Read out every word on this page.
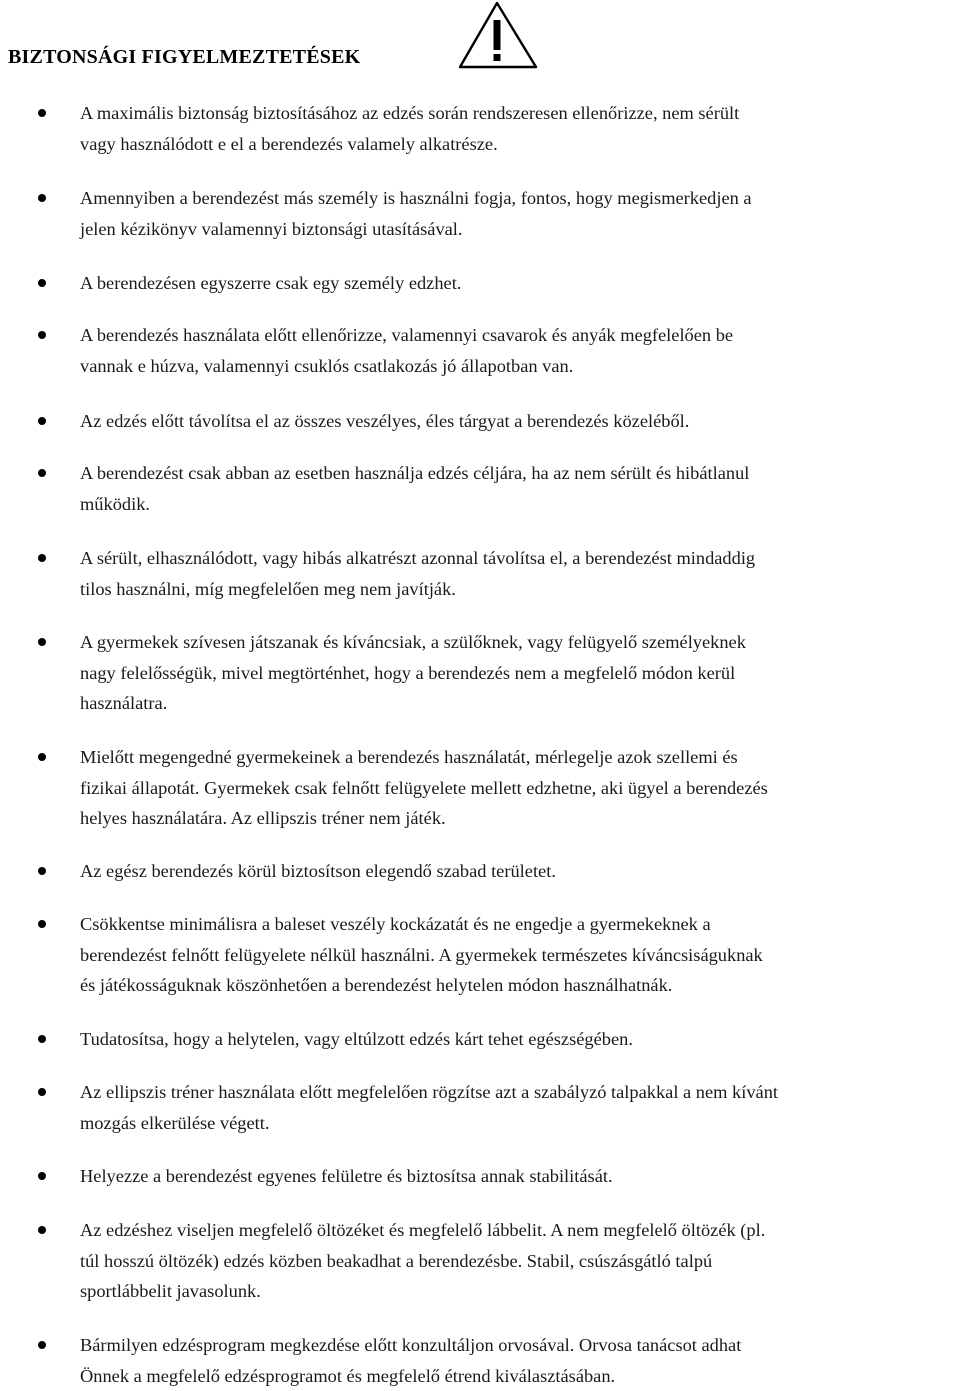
BIZTONSÁGI FIGYELMEZTETÉSEK
A maximális biztonság biztosításához az edzés során rendszeresen ellenőrizze, nem sérült
vagy használódott e el a berendezés valamely alkatrésze.
Amennyiben a berendezést más személy is használni fogja, fontos, hogy megismerkedjen a
jelen kézikönyv valamennyi biztonsági utasításával.
A berendezésen egyszerre csak egy személy edzhet.
A berendezés használata előtt ellenőrizze, valamennyi csavarok és anyák megfelelően be
vannak e húzva, valamennyi csuklós csatlakozás jó állapotban van.
Az edzés előtt távolítsa el az összes veszélyes, éles tárgyat a berendezés közeléből.
A berendezést csak abban az esetben használja edzés céljára, ha az nem sérült és hibátlanul
működik.
A sérült, elhasználódott, vagy hibás alkatrészt azonnal távolítsa el, a berendezést mindaddig
tilos használni, míg megfelelően meg nem javítják.
A gyermekek szívesen játszanak és kíváncsiak, a szülőknek, vagy felügyelő személyeknek
nagy felelősségük, mivel megtörténhet, hogy a berendezés nem a megfelelő módon kerül
használatra.
Mielőtt megengedné gyermekeinek a berendezés használatát, mérlegelje azok szellemi és
fizikai állapotát. Gyermekek csak felnőtt felügyelete mellett edzhetne, aki ügyel a berendezés
helyes használatára. Az ellipszis tréner nem játék.
Az egész berendezés körül biztosítson elegendő szabad területet.
Csökkentse minimálisra a baleset veszély kockázatát és ne engedje a gyermekeknek a
berendezést felnőtt felügyelete nélkül használni. A gyermekek természetes kíváncsiságuknak
és játékosságuknak köszönhetően a berendezést helytelen módon használhatnák.
Tudatosítsa, hogy a helytelen, vagy eltúlzott edzés kárt tehet egészségében.
Az ellipszis tréner használata előtt megfelelően rögzítse azt a szabályzó talpakkal a nem kívánt
mozgás elkerülése végett.
Helyezze a berendezést egyenes felületre és biztosítsa annak stabilitását.
Az edzéshez viseljen megfelelő öltözéket és megfelelő lábbelit. A nem megfelelő öltözék (pl.
túl hosszú öltözék) edzés közben beakadhat a berendezésbe. Stabil, csúszásgátló talpú
sportlábbelit javasolunk.
Bármilyen edzésprogram megkezdése előtt konzultáljon orvosával. Orvosa tanácsot adhat
Önnek a megfelelő edzésprogramot és megfelelő étrend kiválasztásában.
